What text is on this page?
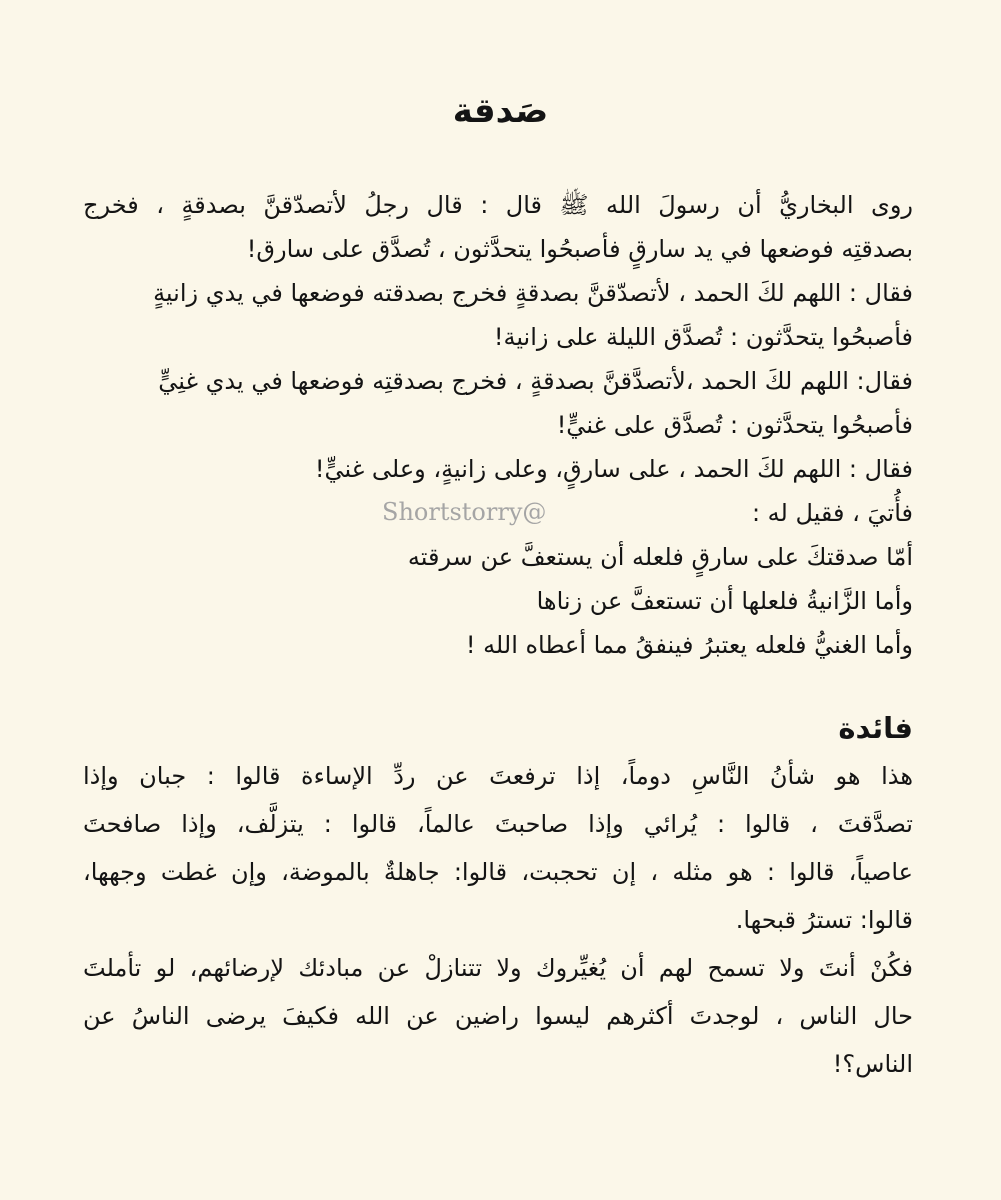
صَدقة
روى البخاريُّ أن رسولَ الله ﷺ قال : قال رجلُ لأتصدّقنَّ بصدقةٍ ، فخرج
بصدقتِه فوضعها في يد سارقٍ فأصبحُوا يتحدَّثون ، تُصدَّق على سارق!
فقال : اللهم لكَ الحمد ، لأتصدّقنَّ بصدقةٍ فخرج بصدقته فوضعها في يدي زانيةٍ
فأصبحُوا يتحدَّثون : تُصدَّق الليلة على زانية!
فقال: اللهم لكَ الحمد ،لأتصدَّقنَّ بصدقةٍ ، فخرج بصدقتِه فوضعها في يدي غنِيٍّ
فأصبحُوا يتحدَّثون : تُصدَّق على غنيٍّ!
فقال : اللهم لكَ الحمد ، على سارقٍ، وعلى زانيةٍ، وعلى غنيٍّ!
فأُتيَ ، فقيل له :
أمّا صدقتكَ على سارقٍ فلعله أن يستعفَّ عن سرقته
وأما الزَّانيةُ فلعلها أن تستعفَّ عن زناها
وأما الغنيُّ فلعله يعتبرُ فينفقُ مما أعطاه الله !
Shortstorry@
فائدة
هذا هو شأنُ النَّاسِ دوماً، إذا ترفعتَ عن ردِّ الإساءة قالوا : جبان وإذا
تصدَّقتَ ، قالوا : يُرائي وإذا صاحبتَ عالماً، قالوا : يتزلَّف، وإذا صافحتَ
عاصياً، قالوا : هو مثله ، إن تحجبت، قالوا: جاهلةٌ بالموضة، وإن غطت وجهها،
قالوا: تسترُ قبحها.
فكُنْ أنتَ ولا تسمح لهم أن يُغيِّروك ولا تتنازلْ عن مبادئك لإرضائهم، لو تأملتَ
حال الناس ، لوجدتَ أكثرهم ليسوا راضين عن الله فكيفَ يرضى الناسُ عن
الناس؟!
